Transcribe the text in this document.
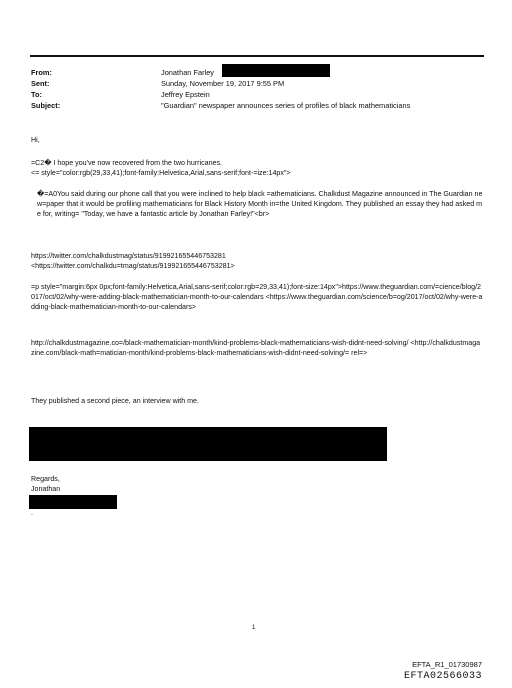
From:	Jonathan Farley
Sent:	Sunday, November 19, 2017 9:55 PM
To:	Jeffrey Epstein
Subject:	"Guardian" newspaper announces series of profiles of black mathematicians
Hi,

=C2� I hope you've now recovered from the two hurricanes.

<= style="color:rgb(29,33,41);font-family:Helvetica,Arial,sans-serif;font-=ize:14px">

�=A0You said during our phone call that you were inclined to help black =athematicians. Chalkdust Magazine announced in The Guardian new=paper that it would be profiling mathematicians for Black History Month in=the United Kingdom. They published an essay they had asked me for, writing= "Today, we have a fantastic article by Jonathan Farley!"<br>

https://twitter.com/chalkdustmag/status/919921655446753281

<https://twitter.com/chalkdu=tmag/status/919921655446753281>

=p style="margin:6px 0px;font-family:Helvetica,Arial,sans-serif;color:rgb=29,33,41);font-size:14px">https://www.theguardian.com/=cience/blog/2017/oct/02/why-were-adding-black-mathematician-month-to-our-calendars <https://www.theguardian.com/science/b=og/2017/oct/02/why-were-adding-black-mathematician-month-to-our-calendars>

http://chalkdustmagazine.co=/black-mathematician-month/kind-problems-black-mathematicians-wish-didnt-need-solving/ <http://chalkdustmagazine.com/black-math=matician-month/kind-problems-black-mathematicians-wish-didnt-need-solving/= rel=>

They published a second piece, an interview with me.

Regards,

Jonathan

.
1
EFTA_R1_01730987
EFTA02566033
